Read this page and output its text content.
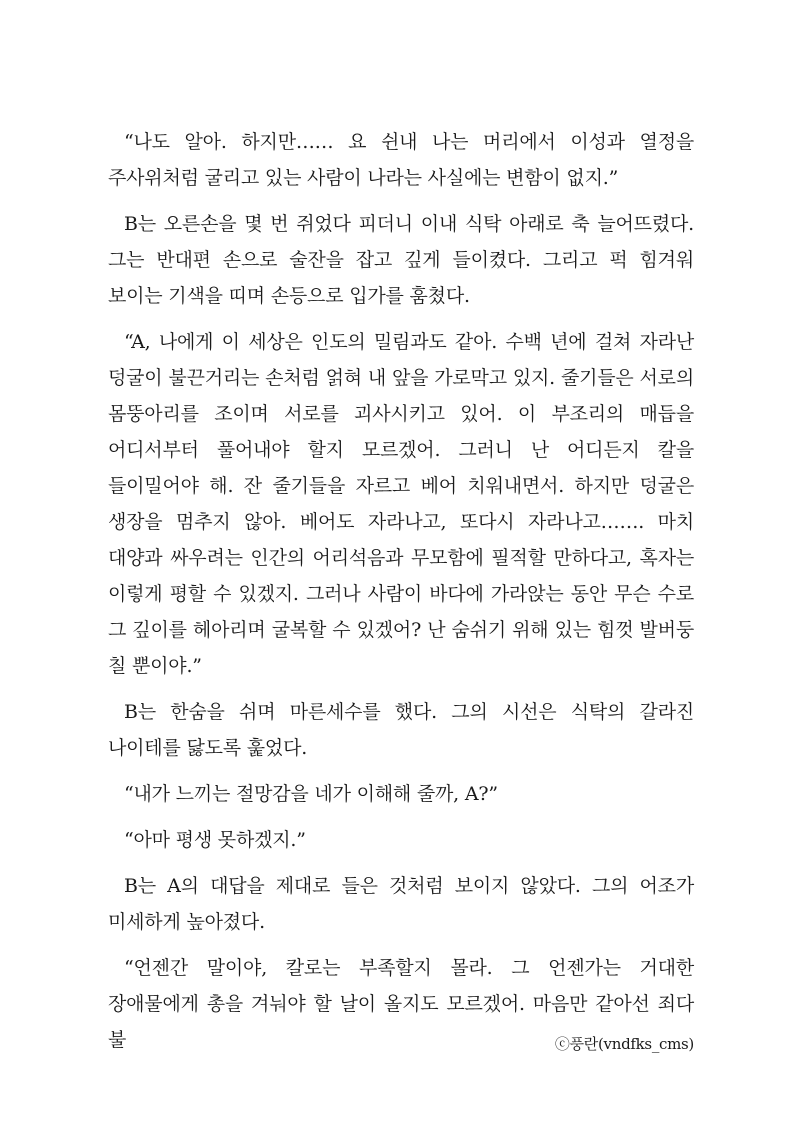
“나도 알아. 하지만…… 요 쉰내 나는 머리에서 이성과 열정을 주사위처럼 굴리고 있는 사람이 나라는 사실에는 변함이 없지.”

B는 오른손을 몇 번 쥐었다 피더니 이내 식탁 아래로 축 늘어뜨렸다. 그는 반대편 손으로 술잔을 잡고 깊게 들이켰다. 그리고 퍽 힘겨워 보이는 기색을 띠며 손등으로 입가를 훔쳤다.

“A, 나에게 이 세상은 인도의 밀림과도 같아. 수백 년에 걸쳐 자라난 덩굴이 불끈거리는 손처럼 얽혀 내 앞을 가로막고 있지. 줄기들은 서로의 몸뚱아리를 조이며 서로를 괴사시키고 있어. 이 부조리의 매듭을 어디서부터 풀어내야 할지 모르겠어. 그러니 난 어디든지 칼을 들이밀어야 해. 잔 줄기들을 자르고 베어 치워내면서. 하지만 덩굴은 생장을 멈추지 않아. 베어도 자라나고, 또다시 자라나고……. 마치 대양과 싸우려는 인간의 어리석음과 무모함에 필적할 만하다고, 혹자는 이렇게 평할 수 있겠지. 그러나 사람이 바다에 가라앉는 동안 무슨 수로 그 깊이를 헤아리며 굴복할 수 있겠어? 난 숨쉬기 위해 있는 힘껏 발버둥 칠 뿐이야.”

B는 한숨을 쉬며 마른세수를 했다. 그의 시선은 식탁의 갈라진 나이테를 닳도록 훑었다.

“내가 느끼는 절망감을 네가 이해해 줄까, A?”

“아마 평생 못하겠지.”

B는 A의 대답을 제대로 들은 것처럼 보이지 않았다. 그의 어조가 미세하게 높아졌다.

“언젠간 말이야, 칼로는 부족할지 몰라. 그 언젠가는 거대한 장애물에게 총을 겨눠야 할 날이 올지도 모르겠어. 마음만 같아선 죄다 불	ⓒ풍란(vndfks_cms)
